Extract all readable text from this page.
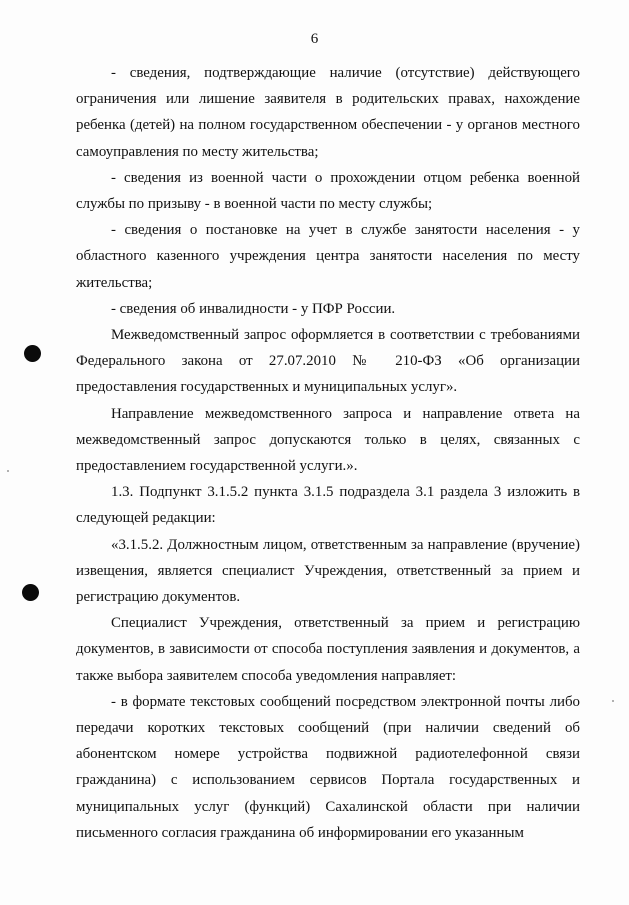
6

- сведения, подтверждающие наличие (отсутствие) действующего ограничения или лишение заявителя в родительских правах, нахождение ребенка (детей) на полном государственном обеспечении - у органов местного самоуправления по месту жительства;

- сведения из военной части о прохождении отцом ребенка военной службы по призыву - в военной части по месту службы;

- сведения о постановке на учет в службе занятости населения - у областного казенного учреждения центра занятости населения по месту жительства;

- сведения об инвалидности - у ПФР России.

Межведомственный запрос оформляется в соответствии с требованиями Федерального закона от 27.07.2010 № 210-ФЗ «Об организации предоставления государственных и муниципальных услуг».

Направление межведомственного запроса и направление ответа на межведомственный запрос допускаются только в целях, связанных с предоставлением государственной услуги.».

1.3. Подпункт 3.1.5.2 пункта 3.1.5 подраздела 3.1 раздела 3 изложить в следующей редакции:

«3.1.5.2. Должностным лицом, ответственным за направление (вручение) извещения, является специалист Учреждения, ответственный за прием и регистрацию документов.

Специалист Учреждения, ответственный за прием и регистрацию документов, в зависимости от способа поступления заявления и документов, а также выбора заявителем способа уведомления направляет:

- в формате текстовых сообщений посредством электронной почты либо передачи коротких текстовых сообщений (при наличии сведений об абонентском номере устройства подвижной радиотелефонной связи гражданина) с использованием сервисов Портала государственных и муниципальных услуг (функций) Сахалинской области при наличии письменного согласия гражданина об информировании его указанным
